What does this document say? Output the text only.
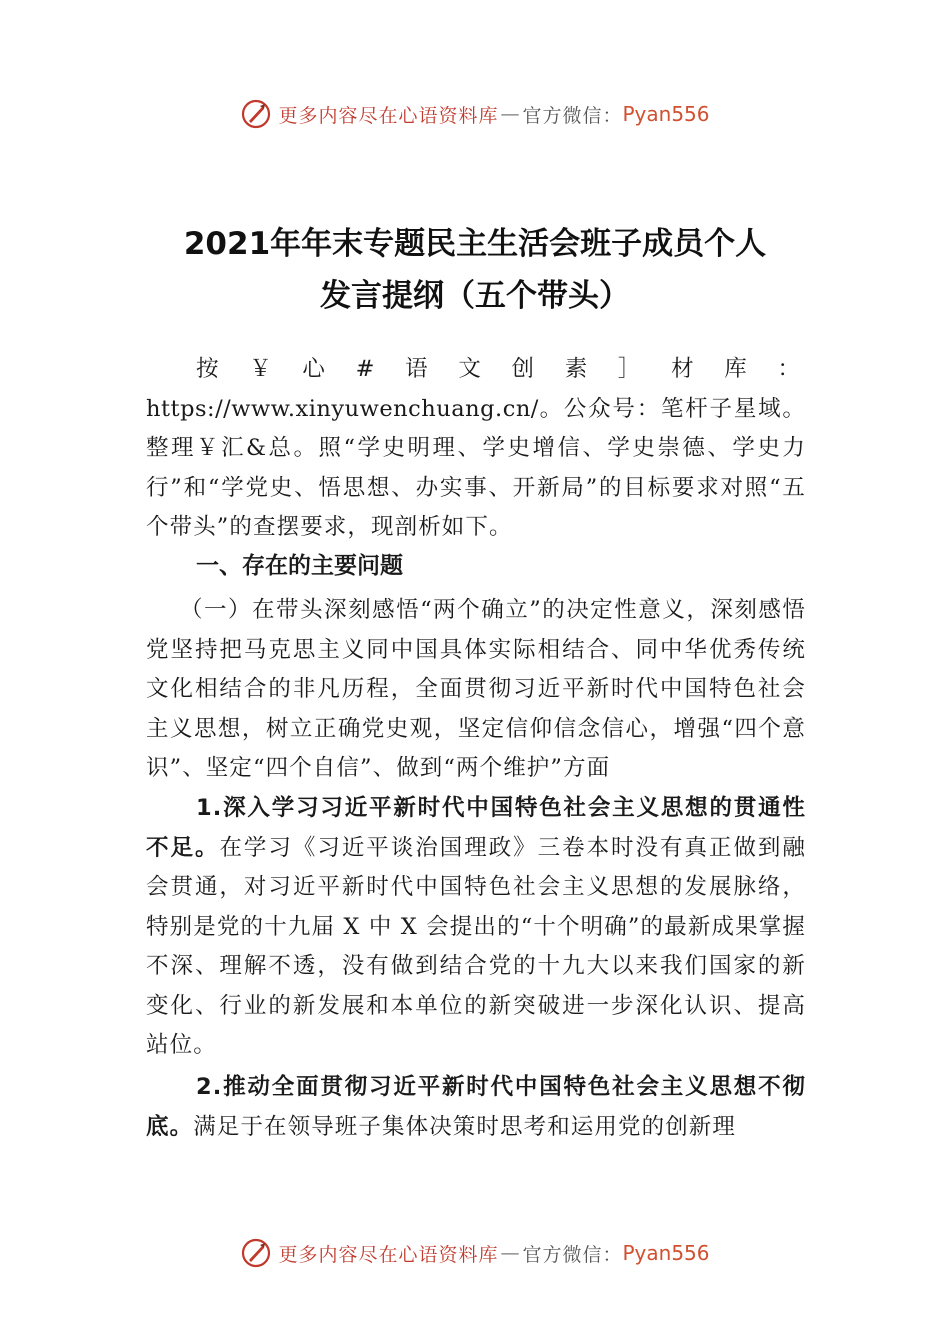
更多内容尽在心语资料库 — 官方微信： Pyan556
2021年年末专题民主生活会班子成员个人
发言提纲（五个带头）
按￥心#语文创素］材库：https://www.xinyuwenchuang.cn/。公众号：笔杆子星域。整理￥汇&总。照“学史明理、学史增信、学史崇德、学史力行”和“学党史、悟思想、办实事、开新局”的目标要求对照“五个带头”的查摆要求，现剖析如下。
一、存在的主要问题
（一）在带头深刻感悟“两个确立”的决定性意义，深刻感悟党坚持把马克思主义同中国具体实际相结合、同中华优秀传统文化相结合的非凡历程，全面贯彻习近平新时代中国特色社会主义思想，树立正确党史观，坚定信仰信念信心，增强“四个意识”、坚定“四个自信”、做到“两个维护”方面
1.深入学习习近平新时代中国特色社会主义思想的贯通性不足。在学习《习近平谈治国理政》三卷本时没有真正做到融会贯通，对习近平新时代中国特色社会主义思想的发展脉络，特别是党的十九届 X 中 X 会提出的“十个明确”的最新成果掌握不深、理解不透，没有做到结合党的十九大以来我们国家的新变化、行业的新发展和本单位的新突破进一步深化认识、提高站位。
2.推动全面贯彻习近平新时代中国特色社会主义思想不彻底。满足于在领导班子集体决策时思考和运用党的创新理
更多内容尽在心语资料库 — 官方微信： Pyan556
